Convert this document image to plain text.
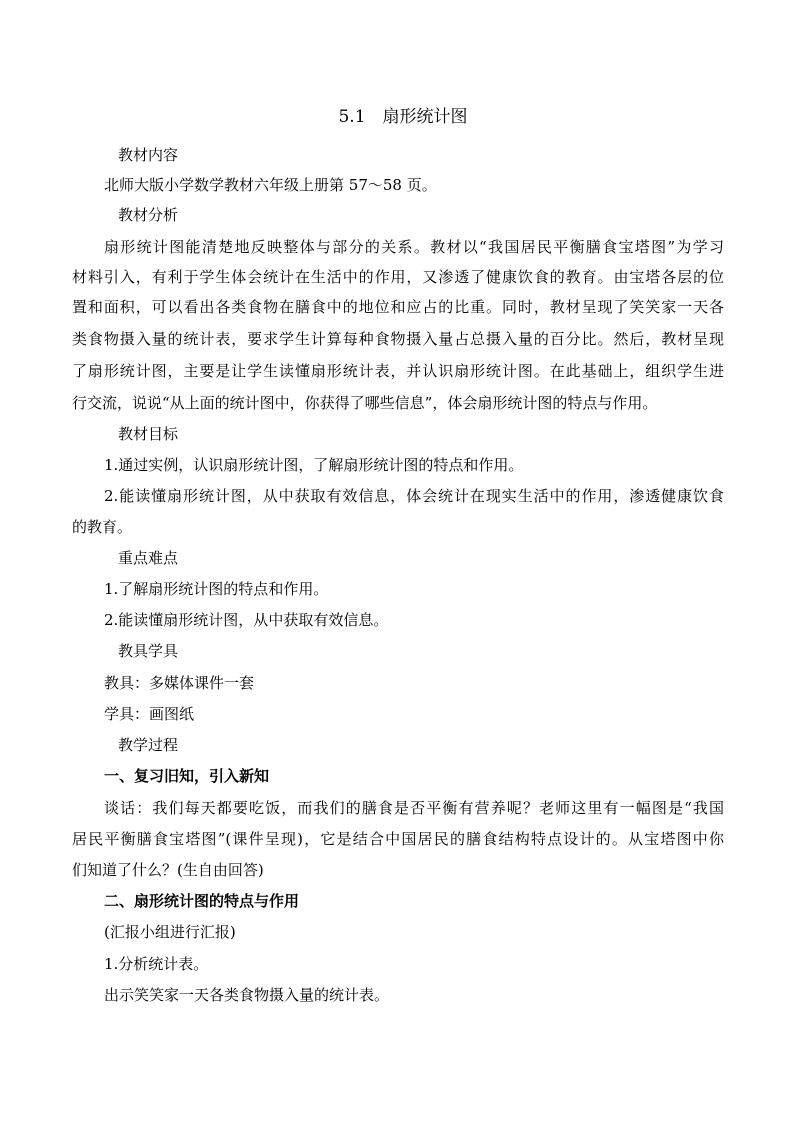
5.1　扇形统计图
教材内容
北师大版小学数学教材六年级上册第 57～58 页。
教材分析
扇形统计图能清楚地反映整体与部分的关系。教材以“我国居民平衡膳食宝塔图”为学习
材料引入，有利于学生体会统计在生活中的作用，又渗透了健康饮食的教育。由宝塔各层的位
置和面积，可以看出各类食物在膳食中的地位和应占的比重。同时，教材呈现了笑笑家一天各
类食物摄入量的统计表，要求学生计算每种食物摄入量占总摄入量的百分比。然后，教材呈现
了扇形统计图，主要是让学生读懂扇形统计表，并认识扇形统计图。在此基础上，组织学生进
行交流，说说“从上面的统计图中，你获得了哪些信息”，体会扇形统计图的特点与作用。
教材目标
1.通过实例，认识扇形统计图，了解扇形统计图的特点和作用。
2.能读懂扇形统计图，从中获取有效信息，体会统计在现实生活中的作用，渗透健康饮食
的教育。
重点难点
1.了解扇形统计图的特点和作用。
2.能读懂扇形统计图，从中获取有效信息。
教具学具
教具：多媒体课件一套
学具：画图纸
教学过程
一、复习旧知，引入新知
谈话：我们每天都要吃饭，而我们的膳食是否平衡有营养呢？老师这里有一幅图是“我国
居民平衡膳食宝塔图”(课件呈现)，它是结合中国居民的膳食结构特点设计的。从宝塔图中你
们知道了什么？(生自由回答)
二、扇形统计图的特点与作用
(汇报小组进行汇报)
1.分析统计表。
出示笑笑家一天各类食物摄入量的统计表。
